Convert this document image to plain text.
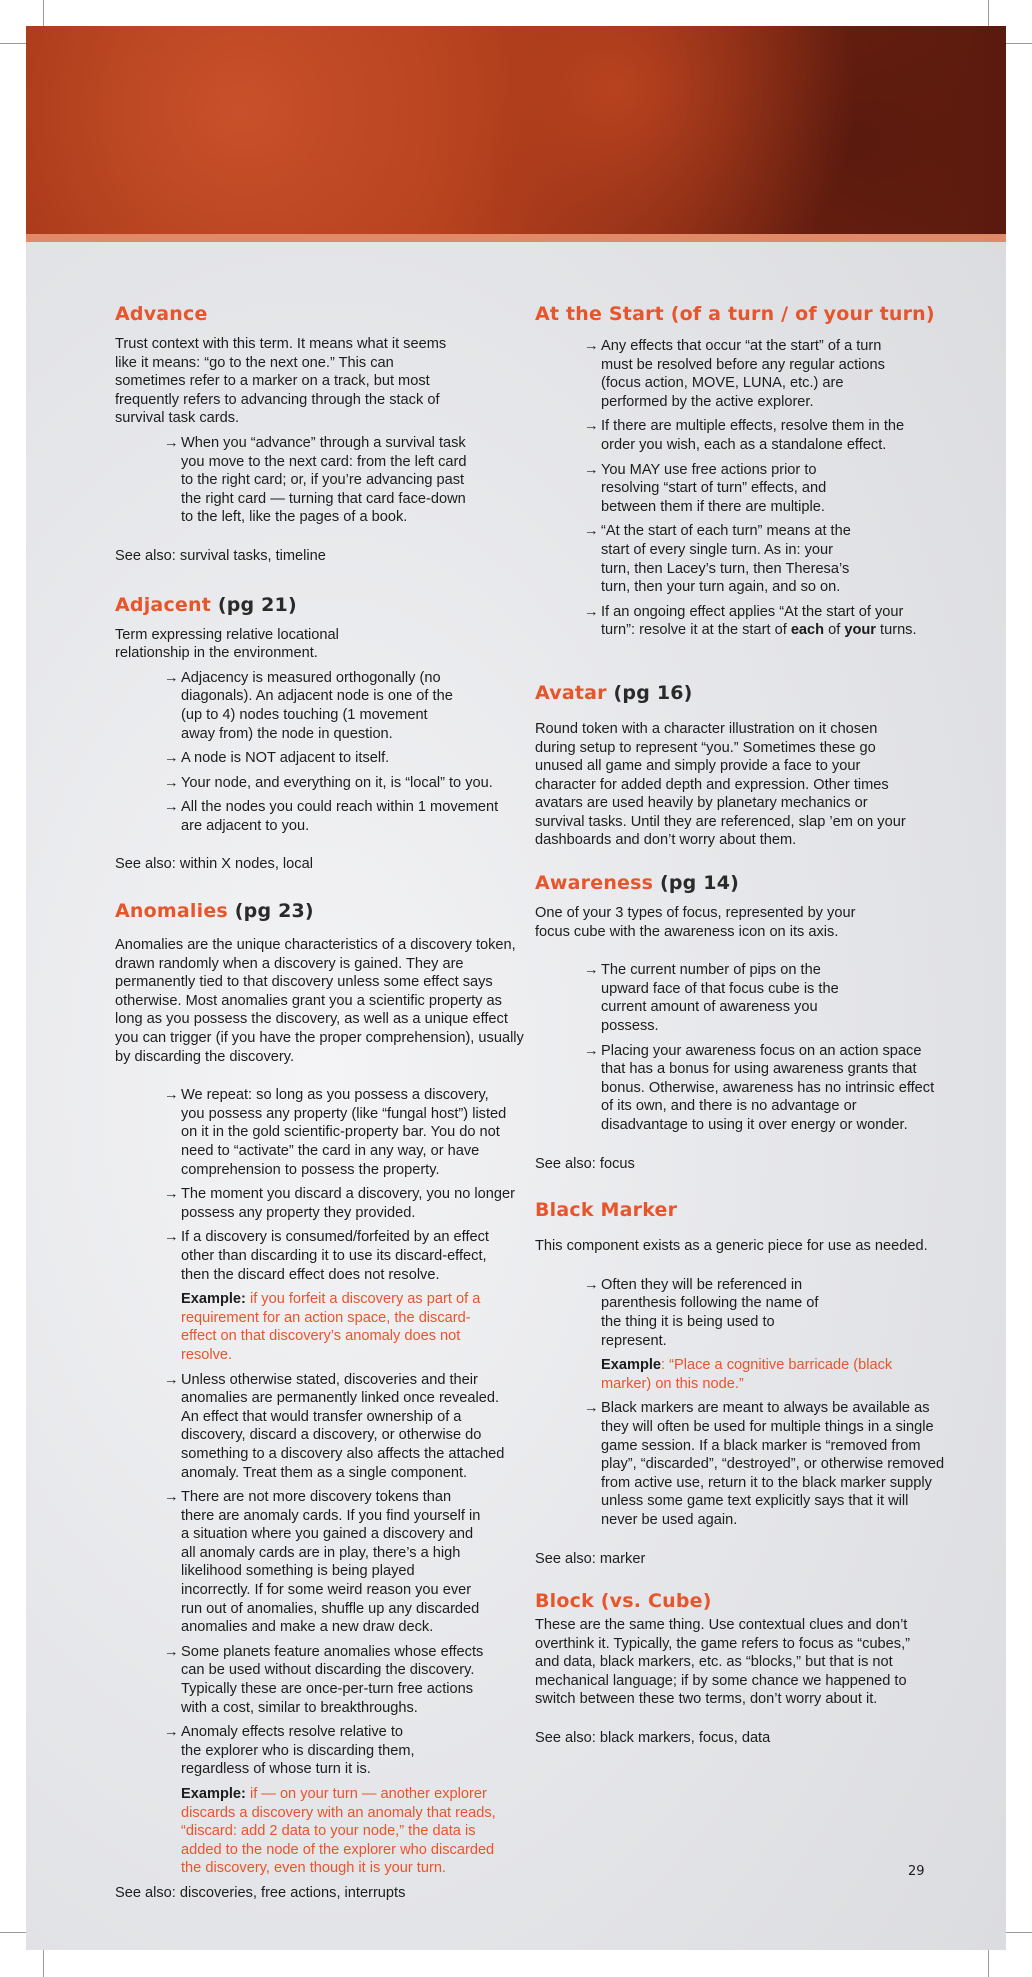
Advance

Trust context with this term. It means what it seems like it means: “go to the next one.” This can sometimes refer to a marker on a track, but most frequently refers to advancing through the stack of survival task cards.

→ When you “advance” through a survival task you move to the next card: from the left card to the right card; or, if you’re advancing past the right card — turning that card face-down to the left, like the pages of a book.

See also: survival tasks, timeline

Adjacent (pg 21)

Term expressing relative locational relationship in the environment.

→ Adjacency is measured orthogonally (no diagonals). An adjacent node is one of the (up to 4) nodes touching (1 movement away from) the node in question.
→ A node is NOT adjacent to itself.
→ Your node, and everything on it, is “local” to you.
→ All the nodes you could reach within 1 movement are adjacent to you.

See also: within X nodes, local

Anomalies (pg 23)

Anomalies are the unique characteristics of a discovery token, drawn randomly when a discovery is gained. They are permanently tied to that discovery unless some effect says otherwise. Most anomalies grant you a scientific property as long as you possess the discovery, as well as a unique effect you can trigger (if you have the proper comprehension), usually by discarding the discovery.

→ We repeat: so long as you possess a discovery, you possess any property (like “fungal host”) listed on it in the gold scientific-property bar. You do not need to “activate” the card in any way, or have comprehension to possess the property.
→ The moment you discard a discovery, you no longer possess any property they provided.
→ If a discovery is consumed/forfeited by an effect other than discarding it to use its discard-effect, then the discard effect does not resolve.

Example: if you forfeit a discovery as part of a requirement for an action space, the discard-effect on that discovery’s anomaly does not resolve.

→ Unless otherwise stated, discoveries and their anomalies are permanently linked once revealed. An effect that would transfer ownership of a discovery, discard a discovery, or otherwise do something to a discovery also affects the attached anomaly. Treat them as a single component.
→ There are not more discovery tokens than there are anomaly cards. If you find yourself in a situation where you gained a discovery and all anomaly cards are in play, there’s a high likelihood something is being played incorrectly. If for some weird reason you ever run out of anomalies, shuffle up any discarded anomalies and make a new draw deck.
→ Some planets feature anomalies whose effects can be used without discarding the discovery. Typically these are once-per-turn free actions with a cost, similar to breakthroughs.
→ Anomaly effects resolve relative to the explorer who is discarding them, regardless of whose turn it is.

Example: if — on your turn — another explorer discards a discovery with an anomaly that reads, “discard: add 2 data to your node,” the data is added to the node of the explorer who discarded the discovery, even though it is your turn.

See also: discoveries, free actions, interrupts

At the Start (of a turn / of your turn)
→ Any effects that occur “at the start” of a turn must be resolved before any regular actions (focus action, MOVE, LUNA, etc.) are performed by the active explorer.
→ If there are multiple effects, resolve them in the order you wish, each as a standalone effect.
→ You MAY use free actions prior to resolving “start of turn” effects, and between them if there are multiple.
→ “At the start of each turn” means at the start of every single turn. As in: your turn, then Lacey’s turn, then Theresa’s turn, then your turn again, and so on.
→ If an ongoing effect applies “At the start of your turn”: resolve it at the start of each of your turns.
Avatar (pg 16)

Round token with a character illustration on it chosen during setup to represent “you.” Sometimes these go unused all game and simply provide a face to your character for added depth and expression. Other times avatars are used heavily by planetary mechanics or survival tasks. Until they are referenced, slap ’em on your dashboards and don’t worry about them.

Awareness (pg 14)

One of your 3 types of focus, represented by your focus cube with the awareness icon on its axis.

→ The current number of pips on the upward face of that focus cube is the current amount of awareness you possess.
→ Placing your awareness focus on an action space that has a bonus for using awareness grants that bonus. Otherwise, awareness has no intrinsic effect of its own, and there is no advantage or disadvantage to using it over energy or wonder.

See also: focus

Black Marker

This component exists as a generic piece for use as needed.

→ Often they will be referenced in parenthesis following the name of the thing it is being used to represent.

Example: “Place a cognitive barricade (black marker) on this node.”

→ Black markers are meant to always be available as they will often be used for multiple things in a single game session. If a black marker is “removed from play”, “discarded”, “destroyed”, or otherwise removed from active use, return it to the black marker supply unless some game text explicitly says that it will never be used again.

See also: marker

Block (vs. Cube)

These are the same thing. Use contextual clues and don’t overthink it. Typically, the game refers to focus as “cubes,” and data, black markers, etc. as “blocks,” but that is not mechanical language; if by some chance we happened to switch between these two terms, don’t worry about it.

See also: black markers, focus, data

29
